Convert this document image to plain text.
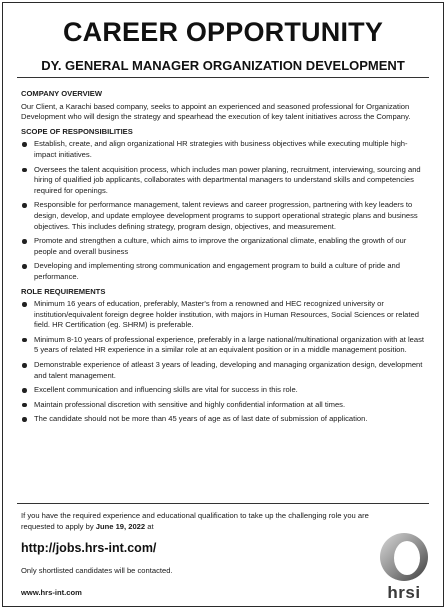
CAREER OPPORTUNITY
DY. GENERAL MANAGER ORGANIZATION DEVELOPMENT
COMPANY OVERVIEW
Our Client, a Karachi based company, seeks to appoint an experienced and seasoned professional for Organization Development who will design the strategy and spearhead the execution of key talent initiatives across the Company.
SCOPE OF RESPONSIBILITIES
Establish, create, and align organizational HR strategies with business objectives while executing multiple high-impact initiatives.
Oversees the talent acquisition process, which includes man power planing, recruitment, interviewing, sourcing and hiring of qualified job applicants, collaborates with departmental managers to understand skills and competencies required for openings.
Responsible for performance management, talent reviews and career progression, partnering with key leaders to design, develop, and update employee development programs to support operational strategic plans and business objectives. This includes defining strategy, program design, objectives, and measurement.
Promote and strengthen a culture, which aims to improve the organizational climate, enabling the growth of our people and overall business
Developing and implementing strong communication and engagement program to build a culture of pride and performance.
ROLE REQUIREMENTS
Minimum 16 years of education, preferably, Master's from a renowned and HEC recognized university or institution/equivalent foreign degree holder institution, with majors in Human Resources, Social Sciences or related field. HR Certification (eg. SHRM) is preferable.
Minimum 8-10 years of professional experience, preferably in a large national/multinational organization with at least 5 years of related HR experience in a similar role at an equivalent position or in a middle management position.
Demonstrable experience of atleast 3 years of leading, developing and managing organization design, development and talent management.
Excellent communication and influencing skills are vital for success in this role.
Maintain professional discretion with sensitive and highly confidential information at all times.
The candidate should not be more than 45 years of age as of last date of submission of application.
If you have the required experience and educational qualification to take up the challenging role you are requested to apply by June 19, 2022 at
http://jobs.hrs-int.com/
Only shortlisted candidates will be contacted.
www.hrs-int.com	hrsi
